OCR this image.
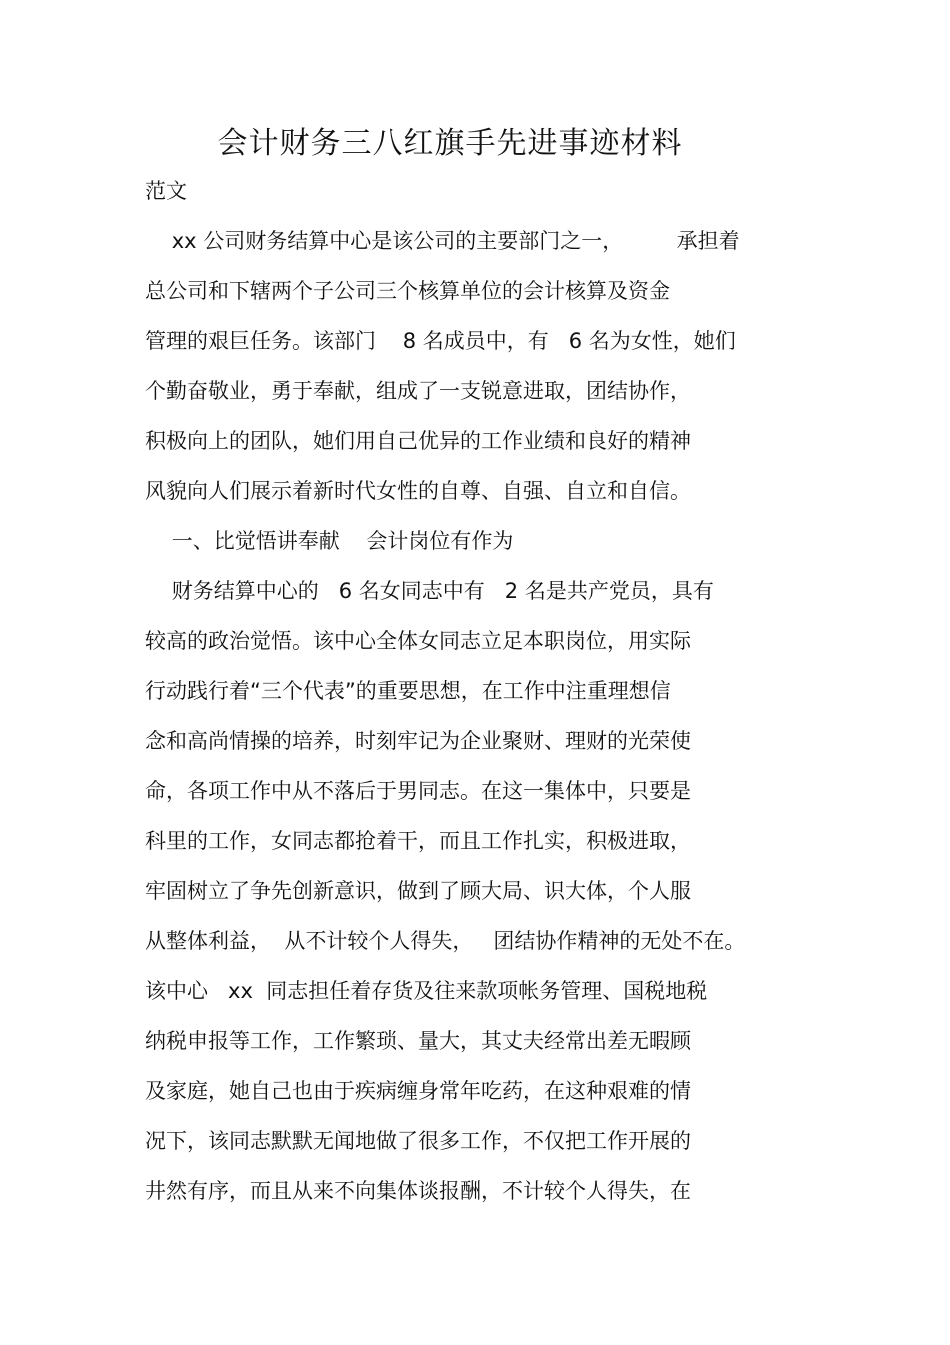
会计财务三八红旗手先进事迹材料
范文
xx 公司财务结算中心是该公司的主要部门之一，        承担着
总公司和下辖两个子公司三个核算单位的会计核算及资金
管理的艰巨任务。该部门    8 名成员中，有   6 名为女性，她们
个勤奋敬业，勇于奉献，组成了一支锐意进取，团结协作，
积极向上的团队，她们用自己优异的工作业绩和良好的精神
风貌向人们展示着新时代女性的自尊、自强、自立和自信。
一、比觉悟讲奉献    会计岗位有作为
财务结算中心的   6 名女同志中有   2 名是共产党员，具有
较高的政治觉悟。该中心全体女同志立足本职岗位，用实际
行动践行着“三个代表”的重要思想，在工作中注重理想信
念和高尚情操的培养，时刻牢记为企业聚财、理财的光荣使
命，各项工作中从不落后于男同志。在这一集体中，只要是
科里的工作，女同志都抢着干，而且工作扎实，积极进取，
牢固树立了争先创新意识，做到了顾大局、识大体，个人服
从整体利益，  从不计较个人得失，   团结协作精神的无处不在。
该中心   xx  同志担任着存货及往来款项帐务管理、国税地税
纳税申报等工作，工作繁琐、量大，其丈夫经常出差无暇顾
及家庭，她自己也由于疾病缠身常年吃药，在这种艰难的情
况下，该同志默默无闻地做了很多工作，不仅把工作开展的
井然有序，而且从来不向集体谈报酬，不计较个人得失，在
